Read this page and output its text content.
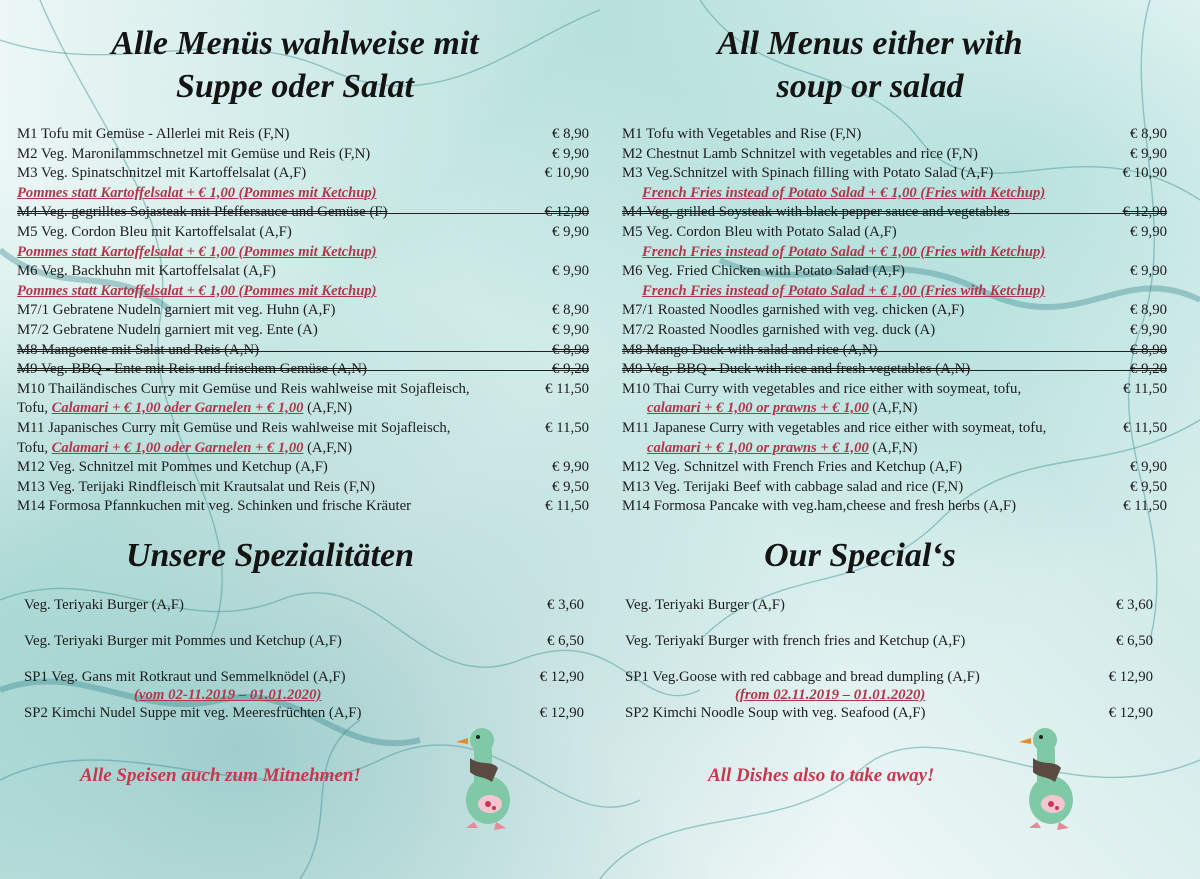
Alle Menüs wahlweise mit
Suppe oder Salat
M1 Tofu mit Gemüse - Allerlei mit Reis (F,N)	€ 8,90
M2 Veg. Maronilammschnetzel mit Gemüse und Reis (F,N)	€ 9,90
M3 Veg. Spinatschnitzel mit Kartoffelsalat (A,F)	€ 10,90
Pommes statt Kartoffelsalat + € 1,00 (Pommes mit Ketchup)
M4 Veg. gegrilltes Sojasteak mit Pfeffersauce und Gemüse (F)	€ 12,90
M5 Veg. Cordon Bleu mit Kartoffelsalat (A,F)	€ 9,90
Pommes statt Kartoffelsalat + € 1,00 (Pommes mit Ketchup)
M6 Veg. Backhuhn mit Kartoffelsalat (A,F)	€ 9,90
Pommes statt Kartoffelsalat + € 1,00 (Pommes mit Ketchup)
M7/1 Gebratene Nudeln garniert mit veg. Huhn (A,F)	€ 8,90
M7/2 Gebratene Nudeln garniert mit veg. Ente (A)	€ 9,90
M8 Mangoente mit Salat und Reis (A,N)	€ 8,90
M9 Veg. BBQ - Ente mit Reis und frischem Gemüse (A,N)	€ 9,20
M10 Thailändisches Curry mit Gemüse und Reis wahlweise mit Sojafleisch,	€ 11,50
Tofu, Calamari + € 1,00 oder Garnelen + € 1,00 (A,F,N)
M11 Japanisches Curry mit Gemüse und Reis wahlweise mit Sojafleisch,	€ 11,50
Tofu, Calamari + € 1,00 oder Garnelen + € 1,00 (A,F,N)
M12 Veg. Schnitzel mit Pommes und Ketchup (A,F)	€ 9,90
M13 Veg. Terijaki Rindfleisch mit Krautsalat und Reis (F,N)	€ 9,50
M14 Formosa Pfannkuchen mit veg. Schinken und frische Kräuter	€ 11,50
Unsere Spezialitäten
Veg. Teriyaki Burger (A,F)	€ 3,60
Veg. Teriyaki Burger mit Pommes und Ketchup (A,F)	€ 6,50
SP1 Veg. Gans mit Rotkraut und Semmelknödel (A,F)	€ 12,90
(vom 02-11.2019 – 01.01.2020)
SP2 Kimchi Nudel Suppe mit veg. Meeresfrüchten (A,F)	€ 12,90
Alle Speisen auch zum Mitnehmen!
All Menus either with
soup or salad
M1 Tofu with Vegetables and Rise (F,N)	€ 8,90
M2 Chestnut Lamb Schnitzel with vegetables and rice (F,N)	€ 9,90
M3 Veg.Schnitzel with Spinach filling with Potato Salad (A,F)	€ 10,90
French Fries instead of Potato Salad + € 1,00 (Fries with Ketchup)
M4 Veg. grilled Soysteak with black pepper sauce and vegetables	€ 12,90
M5 Veg. Cordon Bleu with Potato Salad (A,F)	€ 9,90
French Fries instead of Potato Salad + € 1,00 (Fries with Ketchup)
M6 Veg. Fried Chicken with Potato Salad (A,F)	€ 9,90
French Fries instead of Potato Salad + € 1,00 (Fries with Ketchup)
M7/1 Roasted Noodles garnished with veg. chicken (A,F)	€ 8,90
M7/2 Roasted Noodles garnished with veg. duck (A)	€ 9,90
M8 Mango Duck with salad and rice (A,N)	€ 8,90
M9 Veg. BBQ - Duck with rice and fresh vegetables (A,N)	€ 9,20
M10 Thai Curry with vegetables and rice either with soymeat, tofu,	€ 11,50
calamari + € 1,00 or prawns + € 1,00 (A,F,N)
M11 Japanese Curry with vegetables and rice either with soymeat, tofu,	€ 11,50
calamari + € 1,00 or prawns + € 1,00 (A,F,N)
M12 Veg. Schnitzel with French Fries and Ketchup (A,F)	€ 9,90
M13 Veg. Terijaki Beef with cabbage salad and rice (F,N)	€ 9,50
M14 Formosa Pancake with veg.ham,cheese and fresh herbs (A,F)	€ 11,50
Our Special‘s
Veg. Teriyaki Burger (A,F)	€ 3,60
Veg. Teriyaki Burger with french fries and Ketchup (A,F)	€ 6,50
SP1 Veg.Goose with red cabbage and bread dumpling (A,F)	€ 12,90
(from 02.11.2019 – 01.01.2020)
SP2 Kimchi Noodle Soup with veg. Seafood (A,F)	€ 12,90
All Dishes also to take away!
